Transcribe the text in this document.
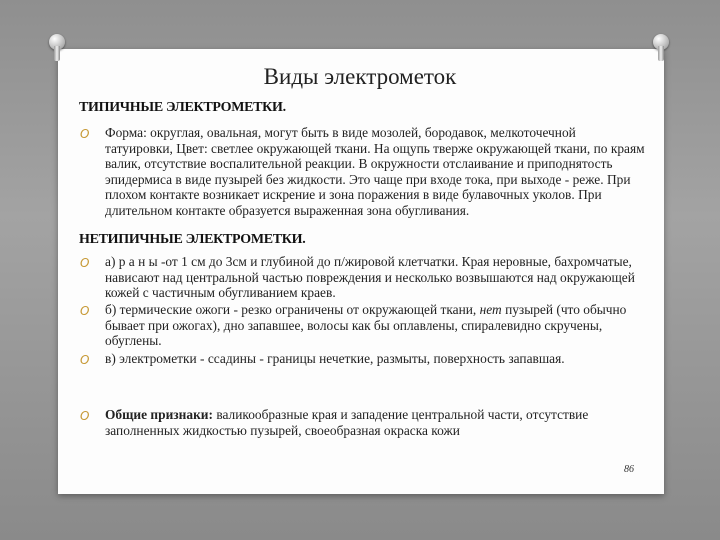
Виды электрометок
ТИПИЧНЫЕ ЭЛЕКТРОМЕТКИ.
O Форма: округлая, овальная, могут быть в виде мозолей, бородавок, мелкоточечной татуировки, Цвет: светлее окружающей ткани. На ощупь тверже окружающей ткани, по краям валик, отсутствие воспалительной реакции. В окружности отслаивание и приподнятость эпидермиса в виде пузырей без жидкости. Это чаще при входе тока, при выходе - реже. При плохом контакте возникает искрение и зона поражения в виде булавочных уколов. При длительном контакте образуется выраженная зона обугливания.
НЕТИПИЧНЫЕ ЭЛЕКТРОМЕТКИ.
O а) р а н ы -от 1 см до 3см и глубиной до п/жировой клетчатки. Края неровные, бахромчатые, нависают над центральной частью повреждения и несколько возвышаются над окружающей кожей с частичным обугливанием краев.
O б) термические ожоги - резко ограничены от окружающей ткани, нет пузырей (что обычно бывает при ожогах), дно запавшее, волосы как бы оплавлены, спиралевидно скручены, обуглены.
O в) электрометки - ссадины - границы нечеткие, размыты, поверхность запавшая.
O Общие признаки: валикообразные края и западение центральной части, отсутствие заполненных жидкостью пузырей, своеобразная окраска кожи
86
